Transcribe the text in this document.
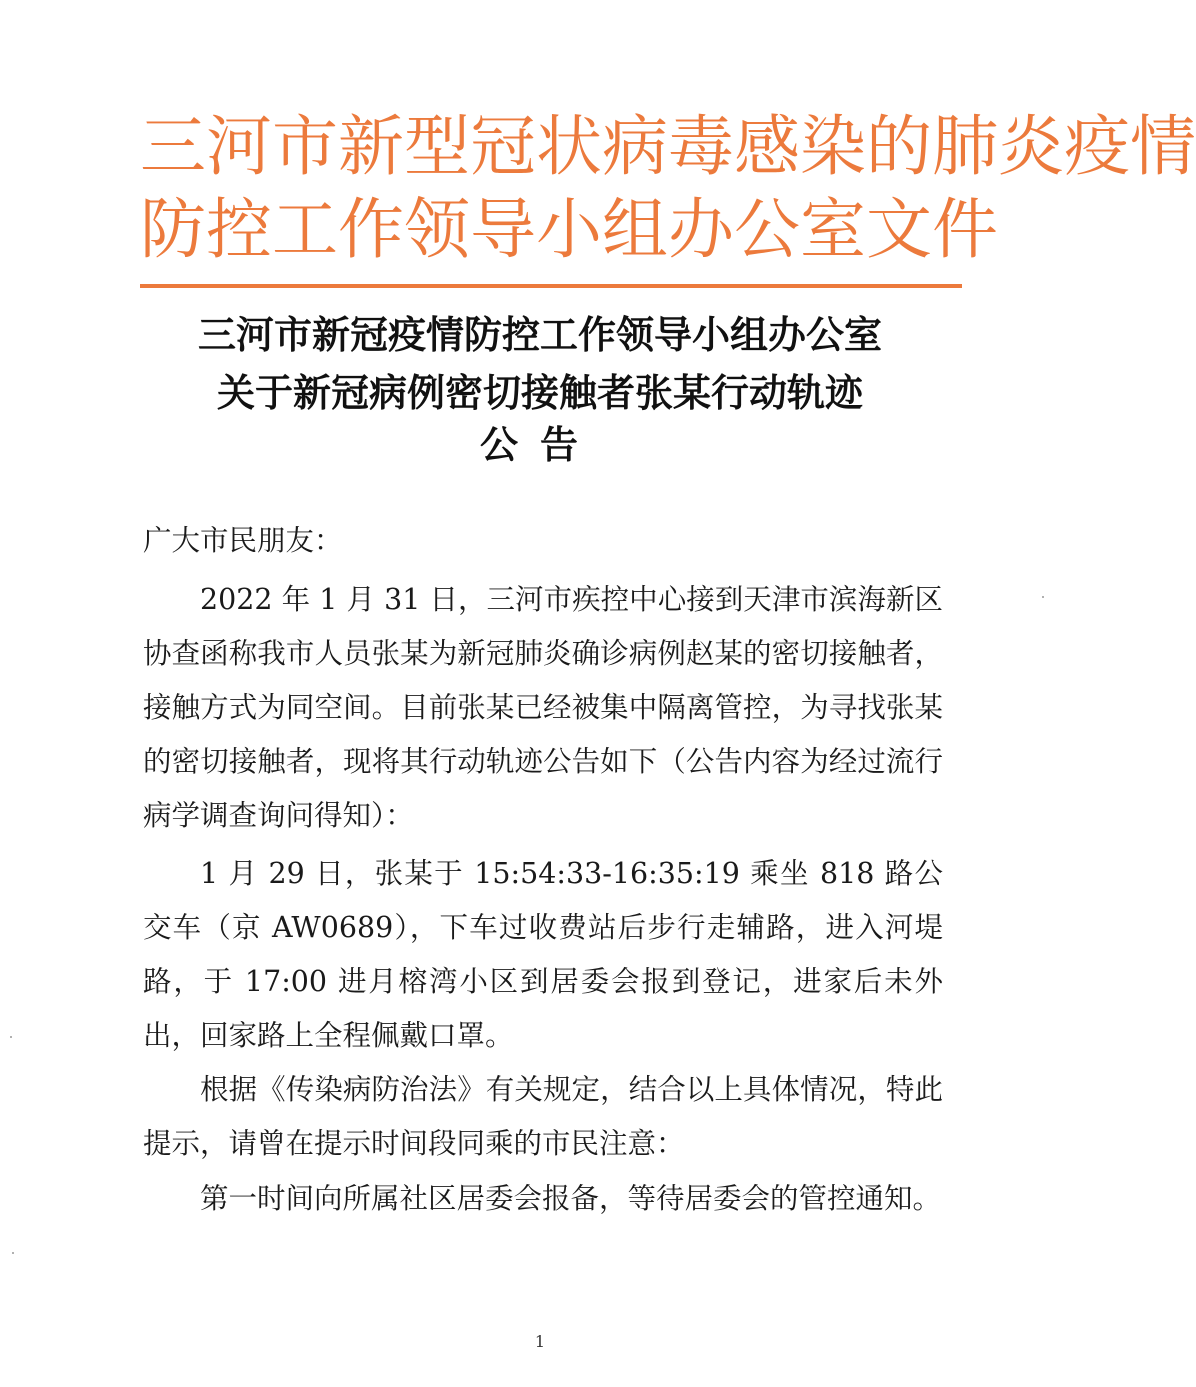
三河市新型冠状病毒感染的肺炎疫情
防控工作领导小组办公室文件
三河市新冠疫情防控工作领导小组办公室
关于新冠病例密切接触者张某行动轨迹
公告

广大市民朋友：

2022 年 1 月 31 日，三河市疾控中心接到天津市滨海新区协查函称我市人员张某为新冠肺炎确诊病例赵某的密切接触者，接触方式为同空间。目前张某已经被集中隔离管控，为寻找张某的密切接触者，现将其行动轨迹公告如下（公告内容为经过流行病学调查询问得知）：

1 月 29 日，张某于 15:54:33-16:35:19 乘坐 818 路公交车（京 AW0689），下车过收费站后步行走辅路，进入河堤路，于 17:00 进月榕湾小区到居委会报到登记，进家后未外出，回家路上全程佩戴口罩。

根据《传染病防治法》有关规定，结合以上具体情况，特此提示，请曾在提示时间段同乘的市民注意：

第一时间向所属社区居委会报备，等待居委会的管控通知。

1
